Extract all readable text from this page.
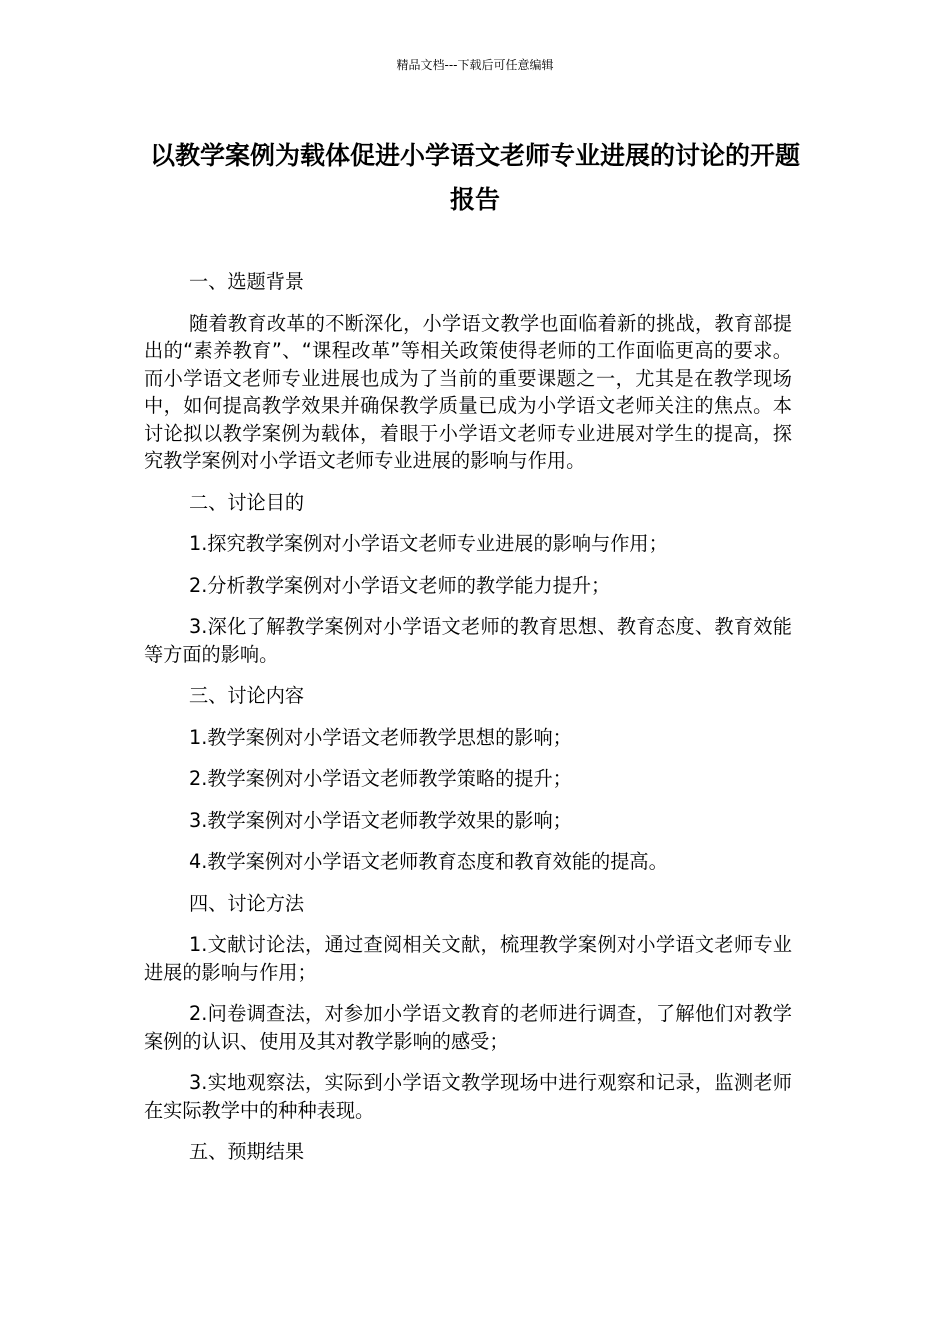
精品文档---下载后可任意编辑
以教学案例为载体促进小学语文老师专业进展的讨论的开题报告

一、选题背景

随着教育改革的不断深化，小学语文教学也面临着新的挑战，教育部提出的“素养教育”、“课程改革”等相关政策使得老师的工作面临更高的要求。而小学语文老师专业进展也成为了当前的重要课题之一，尤其是在教学现场中，如何提高教学效果并确保教学质量已成为小学语文老师关注的焦点。本讨论拟以教学案例为载体，着眼于小学语文老师专业进展对学生的提高，探究教学案例对小学语文老师专业进展的影响与作用。

二、讨论目的

1.探究教学案例对小学语文老师专业进展的影响与作用；

2.分析教学案例对小学语文老师的教学能力提升；

3.深化了解教学案例对小学语文老师的教育思想、教育态度、教育效能等方面的影响。

三、讨论内容

1.教学案例对小学语文老师教学思想的影响；

2.教学案例对小学语文老师教学策略的提升；

3.教学案例对小学语文老师教学效果的影响；

4.教学案例对小学语文老师教育态度和教育效能的提高。

四、讨论方法

1.文献讨论法，通过查阅相关文献，梳理教学案例对小学语文老师专业进展的影响与作用；

2.问卷调查法，对参加小学语文教育的老师进行调查，了解他们对教学案例的认识、使用及其对教学影响的感受；

3.实地观察法，实际到小学语文教学现场中进行观察和记录，监测老师在实际教学中的种种表现。

五、预期结果
